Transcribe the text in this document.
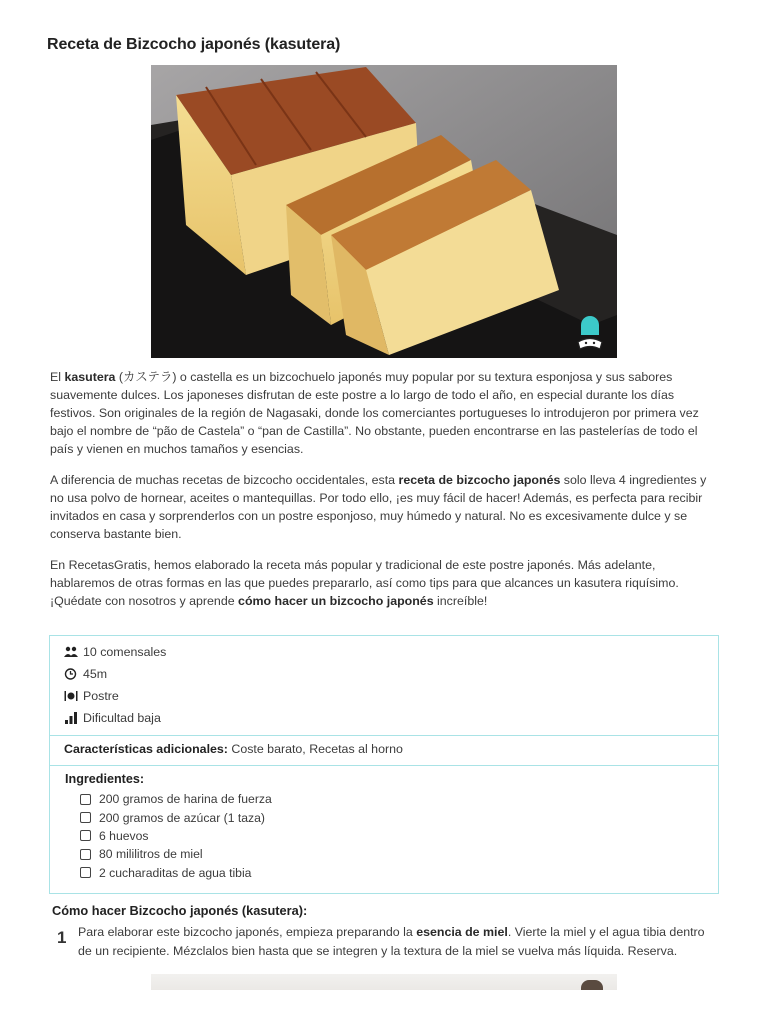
Receta de Bizcocho japonés (kasutera)

El kasutera (カステラ) o castella es un bizcochuelo japonés muy popular por su textura esponjosa y sus sabores suavemente dulces. Los japoneses disfrutan de este postre a lo largo de todo el año, en especial durante los días festivos. Son originales de la región de Nagasaki, donde los comerciantes portugueses lo introdujeron por primera vez bajo el nombre de “pão de Castela” o “pan de Castilla”. No obstante, pueden encontrarse en las pastelerías de todo el país y vienen en muchos tamaños y esencias.

A diferencia de muchas recetas de bizcocho occidentales, esta receta de bizcocho japonés solo lleva 4 ingredientes y no usa polvo de hornear, aceites o mantequillas. Por todo ello, ¡es muy fácil de hacer! Además, es perfecta para recibir invitados en casa y sorprenderlos con un postre esponjoso, muy húmedo y natural. No es excesivamente dulce y se conserva bastante bien.

En RecetasGratis, hemos elaborado la receta más popular y tradicional de este postre japonés. Más adelante, hablaremos de otras formas en las que puedes prepararlo, así como tips para que alcances un kasutera riquísimo. ¡Quédate con nosotros y aprende cómo hacer un bizcocho japonés increíble!

10 comensales
45m
Postre
Dificultad baja
Características adicionales: Coste barato, Recetas al horno
Ingredientes:
200 gramos de harina de fuerza
200 gramos de azúcar (1 taza)
6 huevos
80 mililitros de miel
2 cucharaditas de agua tibia
Cómo hacer Bizcocho japonés (kasutera):
1 Para elaborar este bizcocho japonés, empieza preparando la esencia de miel. Vierte la miel y el agua tibia dentro de un recipiente. Mézclalos bien hasta que se integren y la textura de la miel se vuelva más líquida. Reserva.
